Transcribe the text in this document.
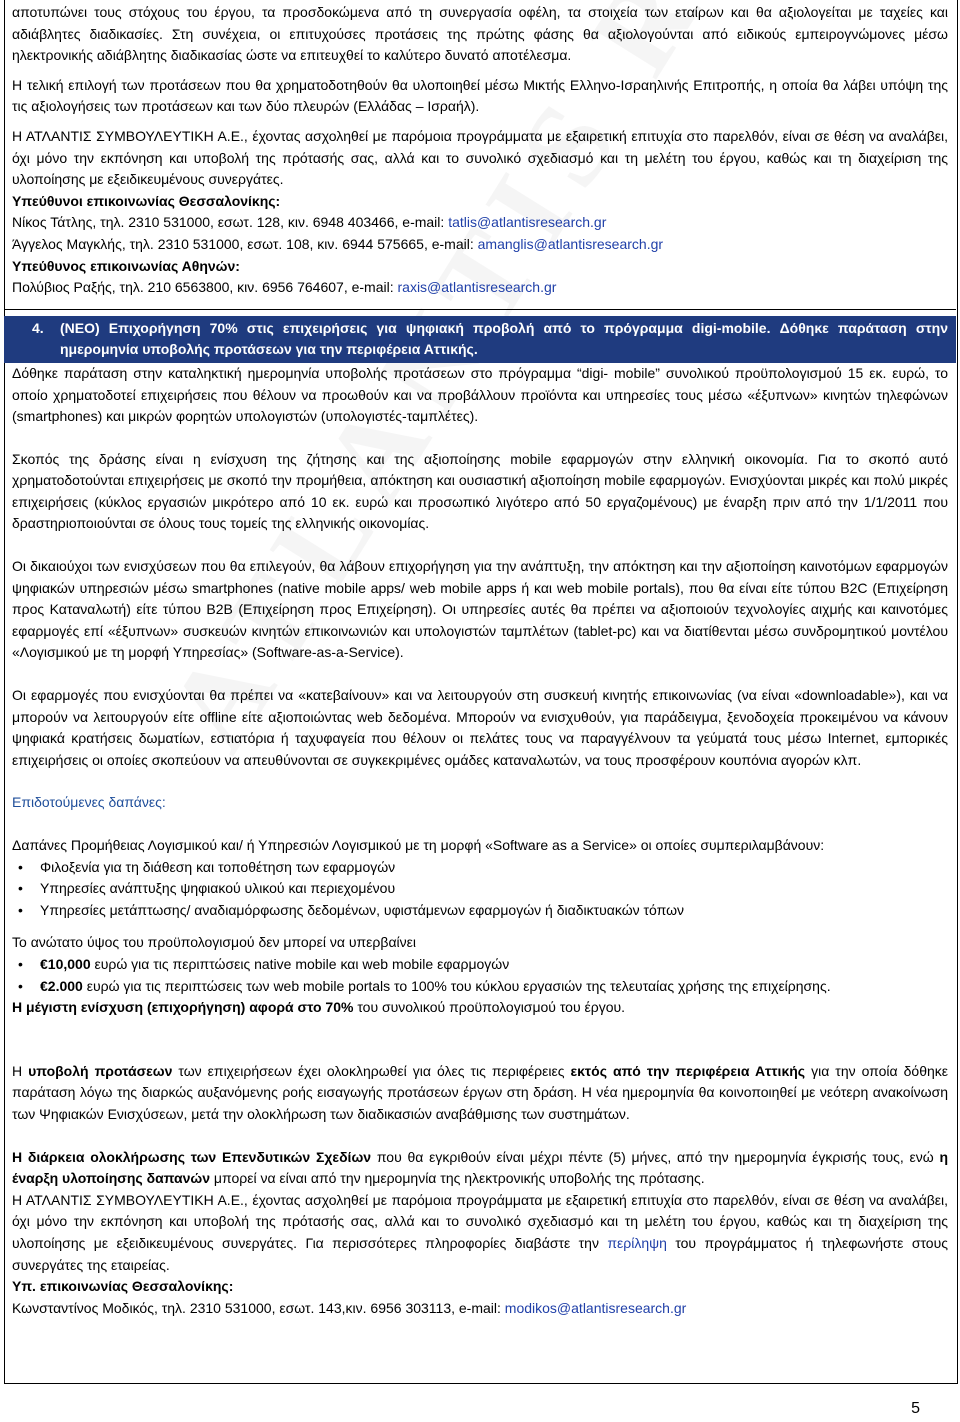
αποτυπώνει τους στόχους του έργου, τα προσδοκώμενα από τη συνεργασία οφέλη, τα στοιχεία των εταίρων και θα αξιολογείται με ταχείες και αδιάβλητες διαδικασίες. Στη συνέχεια, οι επιτυχούσες προτάσεις της πρώτης φάσης θα αξιολογούνται από ειδικούς εμπειρογνώμονες μέσω ηλεκτρονικής αδιάβλητης διαδικασίας ώστε να επιτευχθεί το καλύτερο δυνατό αποτέλεσμα.

Η τελική επιλογή των προτάσεων που θα χρηματοδοτηθούν θα υλοποιηθεί μέσω Μικτής Ελληνο-Ισραηλινής Επιτροπής, η οποία θα λάβει υπόψη της τις αξιολογήσεις των προτάσεων και των δύο πλευρών (Ελλάδας – Ισραήλ).

Η ΑΤΛΑΝΤΙΣ ΣΥΜΒΟΥΛΕΥΤΙΚΗ Α.Ε., έχοντας ασχοληθεί με παρόμοια προγράμματα με εξαιρετική επιτυχία στο παρελθόν, είναι σε θέση να αναλάβει, όχι μόνο την εκπόνηση και υποβολή της πρότασής σας, αλλά και το συνολικό σχεδιασμό και τη μελέτη του έργου, καθώς και τη διαχείριση της υλοποίησης με εξειδικευμένους συνεργάτες.

Υπεύθυνοι επικοινωνίας Θεσσαλονίκης:

Νίκος Τάτλης, τηλ. 2310 531000, εσωτ. 128, κιν. 6948 403466, e-mail: tatlis@atlantisresearch.gr

Άγγελος Μαγκλής, τηλ. 2310 531000, εσωτ. 108, κιν. 6944 575665, e-mail: amanglis@atlantisresearch.gr

Υπεύθυνος επικοινωνίας Αθηνών:

Πολύβιος Ραξής, τηλ. 210 6563800, κιν. 6956 764607, e-mail: raxis@atlantisresearch.gr

4. (ΝΕΟ) Επιχορήγηση 70% στις επιχειρήσεις για ψηφιακή προβολή από το πρόγραμμα digi-mobile. Δόθηκε παράταση στην ημερομηνία υποβολής προτάσεων για την περιφέρεια Αττικής.

Δόθηκε παράταση στην καταληκτική ημερομηνία υποβολής προτάσεων στο πρόγραμμα “digi- mobile” συνολικού προϋπολογισμού 15 εκ. ευρώ, το οποίο χρηματοδοτεί επιχειρήσεις που θέλουν να προωθούν και να προβάλλουν προϊόντα και υπηρεσίες τους μέσω «έξυπνων» κινητών τηλεφώνων (smartphones) και μικρών φορητών υπολογιστών (υπολογιστές-ταμπλέτες).

Σκοπός της δράσης είναι η ενίσχυση της ζήτησης και της αξιοποίησης mobile εφαρμογών στην ελληνική οικονομία. Για το σκοπό αυτό χρηματοδοτούνται επιχειρήσεις με σκοπό την προμήθεια, απόκτηση και ουσιαστική αξιοποίηση mobile εφαρμογών. Ενισχύονται μικρές και πολύ μικρές επιχειρήσεις (κύκλος εργασιών μικρότερο από 10 εκ. ευρώ και προσωπικό λιγότερο από 50 εργαζομένους) με έναρξη πριν από την 1/1/2011 που δραστηριοποιούνται σε όλους τους τομείς της ελληνικής οικονομίας.

Οι δικαιούχοι των ενισχύσεων που θα επιλεγούν, θα λάβουν επιχορήγηση για την ανάπτυξη, την απόκτηση και την αξιοποίηση καινοτόμων εφαρμογών ψηφιακών υπηρεσιών μέσω smartphones (native mobile apps/ web mobile apps ή και web mobile portals), που θα είναι είτε τύπου B2C (Επιχείρηση προς Καταναλωτή) είτε τύπου B2B (Επιχείρηση προς Επιχείρηση). Οι υπηρεσίες αυτές θα πρέπει να αξιοποιούν τεχνολογίες αιχμής και καινοτόμες εφαρμογές επί «έξυπνων» συσκευών κινητών επικοινωνιών και υπολογιστών ταμπλέτων (tablet-pc) και να διατίθενται μέσω συνδρομητικού μοντέλου «Λογισμικού με τη μορφή Υπηρεσίας» (Software-as-a-Service).

Οι εφαρμογές που ενισχύονται θα πρέπει να «κατεβαίνουν» και να λειτουργούν στη συσκευή κινητής επικοινωνίας (να είναι «downloadable»), και να μπορούν να λειτουργούν είτε offline είτε αξιοποιώντας web δεδομένα. Μπορούν να ενισχυθούν, για παράδειγμα, ξενοδοχεία προκειμένου να κάνουν ψηφιακά κρατήσεις δωματίων, εστιατόρια ή ταχυφαγεία που θέλουν οι πελάτες τους να παραγγέλνουν τα γεύματά τους μέσω Internet, εμπορικές επιχειρήσεις οι οποίες σκοπεύουν να απευθύνονται σε συγκεκριμένες ομάδες καταναλωτών, να τους προσφέρουν κουπόνια αγορών κλπ.

Επιδοτούμενες δαπάνες:

Δαπάνες Προμήθειας Λογισμικού και/ ή Υπηρεσιών Λογισμικού με τη μορφή «Software as a Service» οι οποίες συμπεριλαμβάνουν:

• Φιλοξενία για τη διάθεση και τοποθέτηση των εφαρμογών
• Υπηρεσίες ανάπτυξης ψηφιακού υλικού και περιεχομένου
• Υπηρεσίες μετάπτωσης/ αναδιαμόρφωσης δεδομένων, υφιστάμενων εφαρμογών ή διαδικτυακών τόπων

Το ανώτατο ύψος του προϋπολογισμού δεν μπορεί να υπερβαίνει

• €10,000 ευρώ για τις περιπτώσεις native mobile και web mobile εφαρμογών
• €2.000 ευρώ για τις περιπτώσεις των web mobile portals το 100% του κύκλου εργασιών της τελευταίας χρήσης της επιχείρησης.

Η μέγιστη ενίσχυση (επιχορήγηση) αφορά στο 70% του συνολικού προϋπολογισμού του έργου.

Η υποβολή προτάσεων των επιχειρήσεων έχει ολοκληρωθεί για όλες τις περιφέρειες εκτός από την περιφέρεια Αττικής για την οποία δόθηκε παράταση λόγω της διαρκώς αυξανόμενης ροής εισαγωγής προτάσεων έργων στη δράση. Η νέα ημερομηνία θα κοινοποιηθεί με νεότερη ανακοίνωση των Ψηφιακών Ενισχύσεων, μετά την ολοκλήρωση των διαδικασιών αναβάθμισης των συστημάτων.

Η διάρκεια ολοκλήρωσης των Επενδυτικών Σχεδίων που θα εγκριθούν είναι μέχρι πέντε (5) μήνες, από την ημερομηνία έγκρισής τους, ενώ η έναρξη υλοποίησης δαπανών μπορεί να είναι από την ημερομηνία της ηλεκτρονικής υποβολής της πρότασης.

Η ΑΤΛΑΝΤΙΣ ΣΥΜΒΟΥΛΕΥΤΙΚΗ Α.Ε., έχοντας ασχοληθεί με παρόμοια προγράμματα με εξαιρετική επιτυχία στο παρελθόν, είναι σε θέση να αναλάβει, όχι μόνο την εκπόνηση και υποβολή της πρότασής σας, αλλά και το συνολικό σχεδιασμό και τη μελέτη του έργου, καθώς και τη διαχείριση της υλοποίησης με εξειδικευμένους συνεργάτες. Για περισσότερες πληροφορίες διαβάστε την περίληψη του προγράμματος ή τηλεφωνήστε στους συνεργάτες της εταιρείας.

Υπ. επικοινωνίας Θεσσαλονίκης:

Κωνσταντίνος Μοδικός, τηλ. 2310 531000, εσωτ. 143,κιν. 6956 303113, e-mail: modikos@atlantisresearch.gr

5
